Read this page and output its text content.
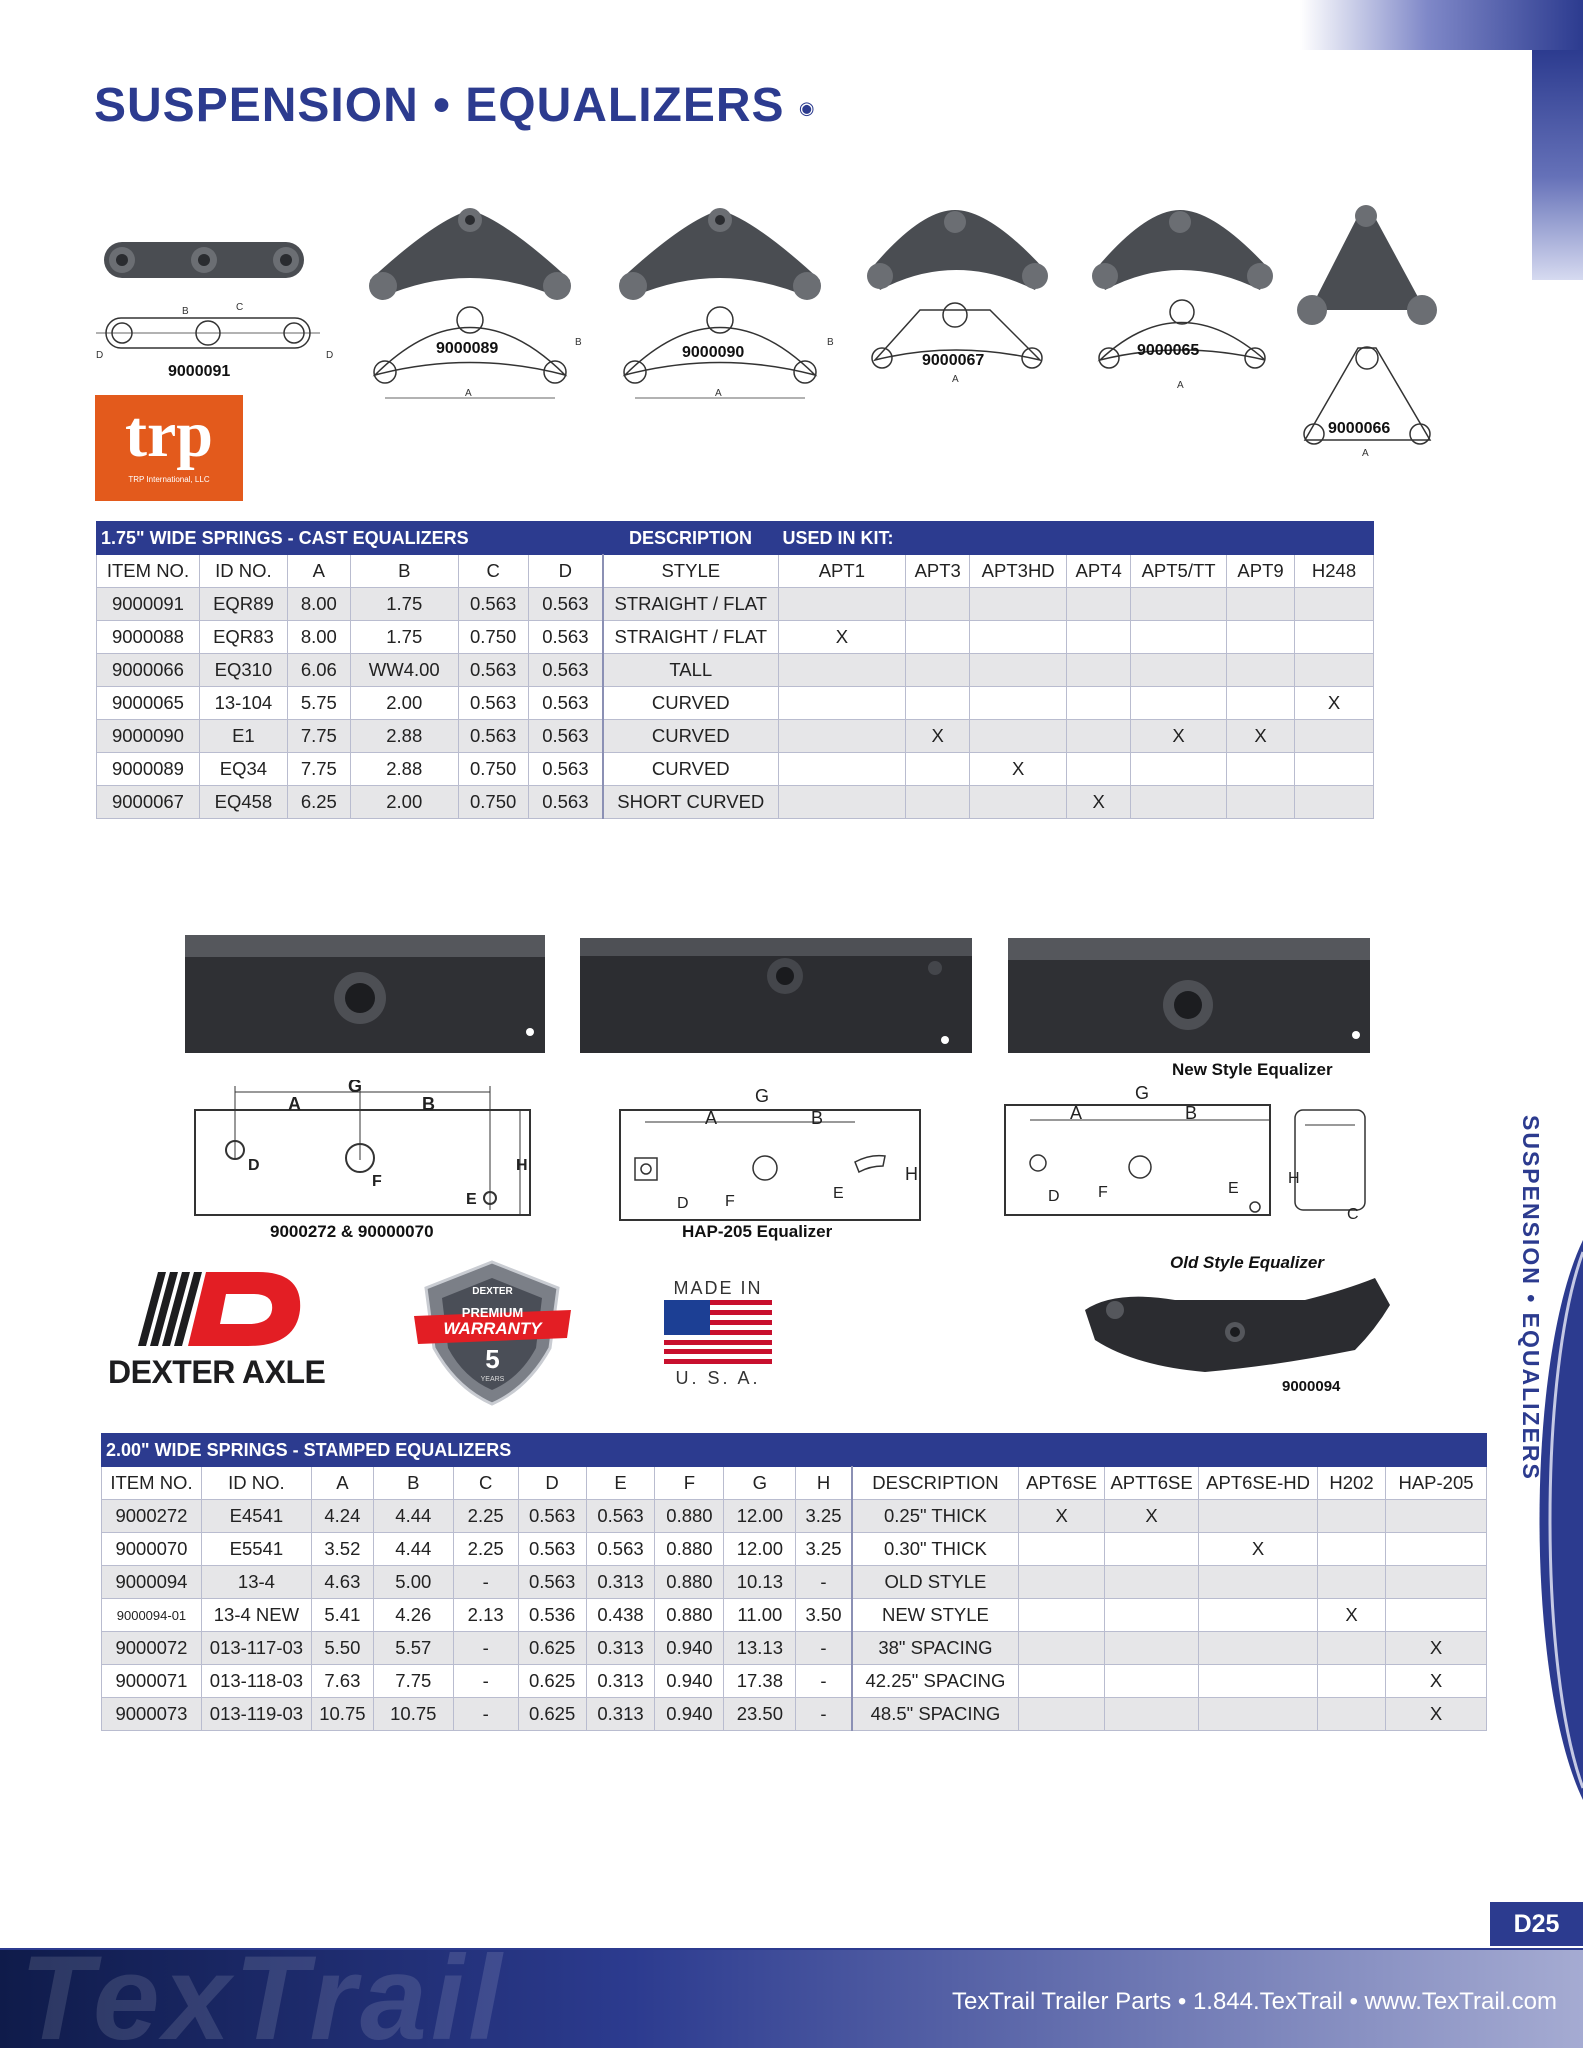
SUSPENSION • EQUALIZERS ◉
SUSPENSION • EQUALIZERS
B	C
D	D
9000091
A
B
9000089
A
B
9000090
A
9000067
A
9000065
A
9000066
trp
TRP International, LLC
1.75" WIDE SPRINGS - CAST EQUALIZERS						DESCRIPTION	USED IN KIT:						
ITEM NO.	ID NO.	A	B	C	D	STYLE	APT1	APT3	APT3HD	APT4	APT5/TT	APT9	H248
9000091	EQR89	8.00	1.75	0.563	0.563	STRAIGHT / FLAT							
9000088	EQR83	8.00	1.75	0.750	0.563	STRAIGHT / FLAT	X						
9000066	EQ310	6.06	WW4.00	0.563	0.563	TALL							
9000065	13-104	5.75	2.00	0.563	0.563	CURVED							X
9000090	E1	7.75	2.88	0.563	0.563	CURVED		X			X	X	
9000089	EQ34	7.75	2.88	0.750	0.563	CURVED			X				
9000067	EQ458	6.25	2.00	0.750	0.563	SHORT CURVED				X			
A
G
B
D
F
E
H
9000272 & 90000070
A
G
B
D F	E
H
HAP-205 Equalizer
New Style Equalizer
A
G
B
D F	E
H
C
Old Style Equalizer
9000094
DEXTER AXLE
DEXTER
PREMIUM
WARRANTY
5
YEARS
MADE IN
U. S. A.
2.00" WIDE SPRINGS - STAMPED EQUALIZERS															
ITEM NO.	ID NO.	A	B	C	D	E	F	G	H	DESCRIPTION	APT6SE	APTT6SE	APT6SE-HD	H202	HAP-205
9000272	E4541	4.24	4.44	2.25	0.563	0.563	0.880	12.00	3.25	0.25" THICK	X	X			
9000070	E5541	3.52	4.44	2.25	0.563	0.563	0.880	12.00	3.25	0.30" THICK			X		
9000094	13-4	4.63	5.00	-	0.563	0.313	0.880	10.13	-	OLD STYLE					
9000094-01	13-4 NEW	5.41	4.26	2.13	0.536	0.438	0.880	11.00	3.50	NEW STYLE				X	
9000072	013-117-03	5.50	5.57	-	0.625	0.313	0.940	13.13	-	38" SPACING					X
9000071	013-118-03	7.63	7.75	-	0.625	0.313	0.940	17.38	-	42.25" SPACING					X
9000073	013-119-03	10.75	10.75	-	0.625	0.313	0.940	23.50	-	48.5" SPACING					X
D25
TexTrail	TexTrail Trailer Parts • 1.844.TexTrail • www.TexTrail.com
